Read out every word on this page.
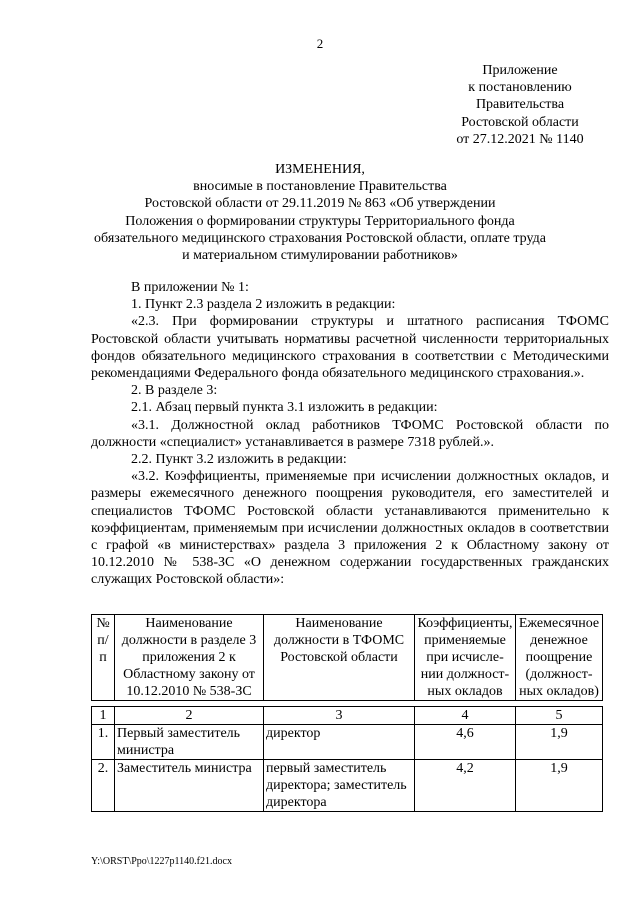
2
Приложение
к постановлению
Правительства
Ростовской области
от 27.12.2021 № 1140
ИЗМЕНЕНИЯ,
вносимые в постановление Правительства
Ростовской области от 29.11.2019 № 863 «Об утверждении
Положения о формировании структуры Территориального фонда
обязательного медицинского страхования Ростовской области, оплате труда
и материальном стимулировании работников»

В приложении № 1:

1. Пункт 2.3 раздела 2 изложить в редакции:

«2.3. При формировании структуры и штатного расписания ТФОМС Ростовской области учитывать нормативы расчетной численности территориальных фондов обязательного медицинского страхования в соответствии с Методическими рекомендациями Федерального фонда обязательного медицинского страхования.».

2. В разделе 3:

2.1. Абзац первый пункта 3.1 изложить в редакции:

«3.1. Должностной оклад работников ТФОМС Ростовской области по должности «специалист» устанавливается в размере 7318 рублей.».

2.2. Пункт 3.2 изложить в редакции:

«3.2. Коэффициенты, применяемые при исчислении должностных окладов, и размеры ежемесячного денежного поощрения руководителя, его заместителей и специалистов ТФОМС Ростовской области устанавливаются применительно к коэффициентам, применяемым при исчислении должностных окладов в соответствии с графой «в министерствах» раздела 3 приложения 2 к Областному закону от 10.12.2010 № 538-ЗС «О денежном содержании государственных гражданских служащих Ростовской области»:

№ п/п	Наименование должности в разделе 3 приложения 2 к Областному закону от 10.12.2010 № 538-ЗС	Наименование должности в ТФОМС Ростовской области	Коэффициенты, применяемые при исчисле-нии должност-ных окладов	Ежемесячное денежное поощрение (должност-ных окладов)

1	2	3	4	5
1.	Первый заместитель министра	директор	4,6	1,9
2.	Заместитель министра	первый заместитель директора; заместитель директора	4,2	1,9
Y:\ORST\Ppo\1227p1140.f21.docx
